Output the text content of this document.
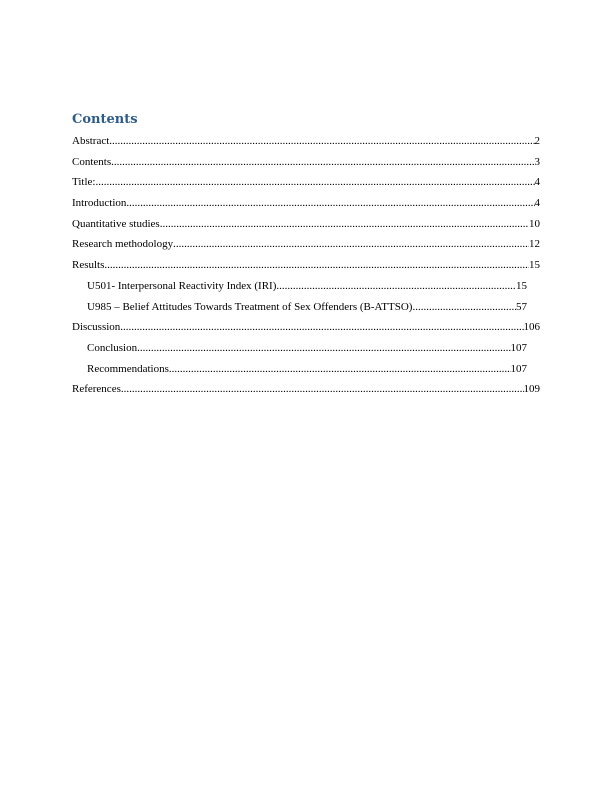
Contents
Abstract .....	2
Contents .....	3
Title: .....	4
Introduction .....	4
Quantitative studies .....	10
Research methodology .....	12
Results .....	15
U501- Interpersonal Reactivity Index (IRI) .....	15
U985 – Belief Attitudes Towards Treatment of Sex Offenders (B-ATTSO) .....	57
Discussion .....	106
Conclusion .....	107
Recommendations .....	107
References .....	109
